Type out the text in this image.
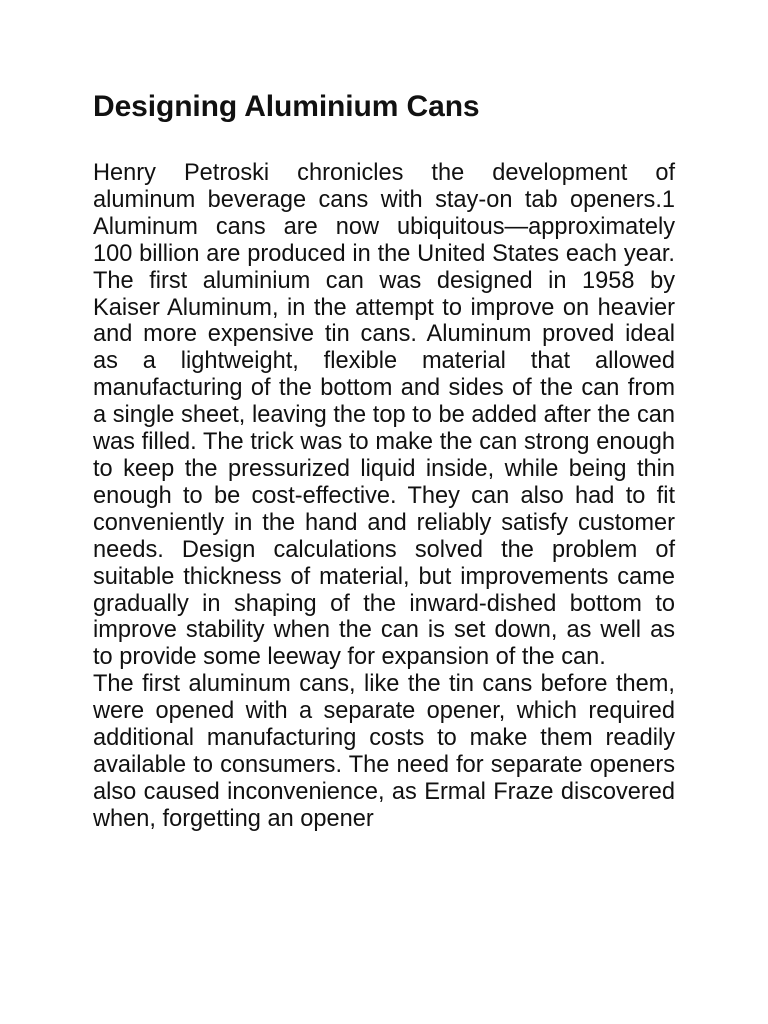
Designing Aluminium Cans

Henry Petroski chronicles the development of aluminum beverage cans with stay-on tab openers.1 Aluminum cans are now ubiquitous—approximately 100 billion are produced in the United States each year. The first aluminium can was designed in 1958 by Kaiser Aluminum, in the attempt to improve on heavier and more expensive tin cans. Aluminum proved ideal as a lightweight, flexible material that allowed manufacturing of the bottom and sides of the can from a single sheet, leaving the top to be added after the can was filled. The trick was to make the can strong enough to keep the pressurized liquid inside, while being thin enough to be cost-effective. They can also had to fit conveniently in the hand and reliably satisfy customer needs. Design calculations solved the problem of suitable thickness of material, but improvements came gradually in shaping of the inward-dished bottom to improve stability when the can is set down, as well as to provide some leeway for expansion of the can.

The first aluminum cans, like the tin cans before them, were opened with a separate opener, which required additional manufacturing costs to make them readily available to consumers. The need for separate openers also caused inconvenience, as Ermal Fraze discovered when, forgetting an opener
